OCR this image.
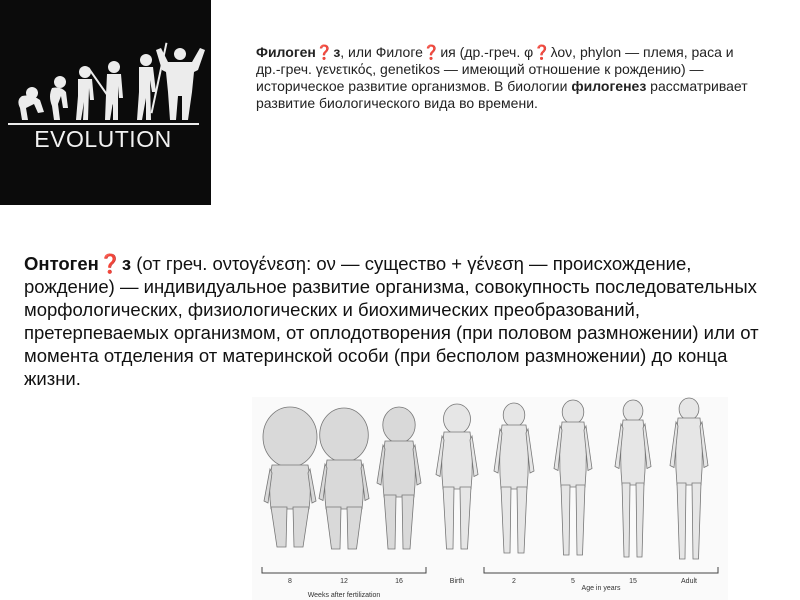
EVOLUTION
Филоген❓з, или Филоге❓ия (др.-греч. φ❓λον, phylon — племя, раса и др.-греч. γενετικός, genetikos — имеющий отношение к рождению) — историческое развитие организмов. В биологии филогенез рассматривает развитие биологического вида во времени.
Онтоген❓з (от греч. οντογένεση: ον — существо + γένεση — происхождение, рождение) — индивидуальное развитие организма, совокупность последовательных морфологических, физиологических и биохимических преобразований, претерпеваемых организмом, от оплодотворения (при половом размножении) или от момента отделения от материнской особи (при бесполом размножении) до конца жизни.
8	12	16	Birth	2	5	15	Adult
Weeks after fertilization
Age in years
